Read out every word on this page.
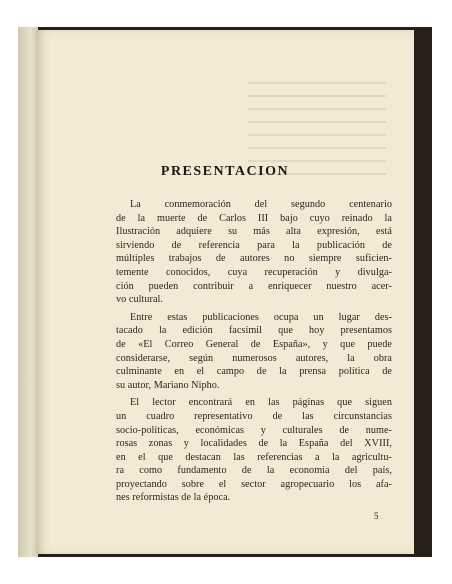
PRESENTACION

La conmemoración del segundo centenario
de la muerte de Carlos III bajo cuyo reinado la
Ilustración adquiere su más alta expresión, está
sirviendo de referencia para la publicación de
múltiples trabajos de autores no siempre suficien-
temente conocidos, cuya recuperación y divulga-
ción pueden contribuir a enriquecer nuestro acer-
vo cultural.

Entre estas publicaciones ocupa un lugar des-
tacado la edición facsímil que hoy presentamos
de «El Correo General de España», y que puede
considerarse, según numerosos autores, la obra
culminante en el campo de la prensa política de
su autor, Mariano Nipho.

El lector encontrará en las páginas que siguen
un cuadro representativo de las circunstancias
socio-políticas, económicas y culturales de nume-
rosas zonas y localidades de la España del XVIII,
en el que destacan las referencias a la agricultu-
ra como fundamento de la economía del país,
proyectando sobre el sector agropecuario los afa-
nes reformistas de la época.

5
